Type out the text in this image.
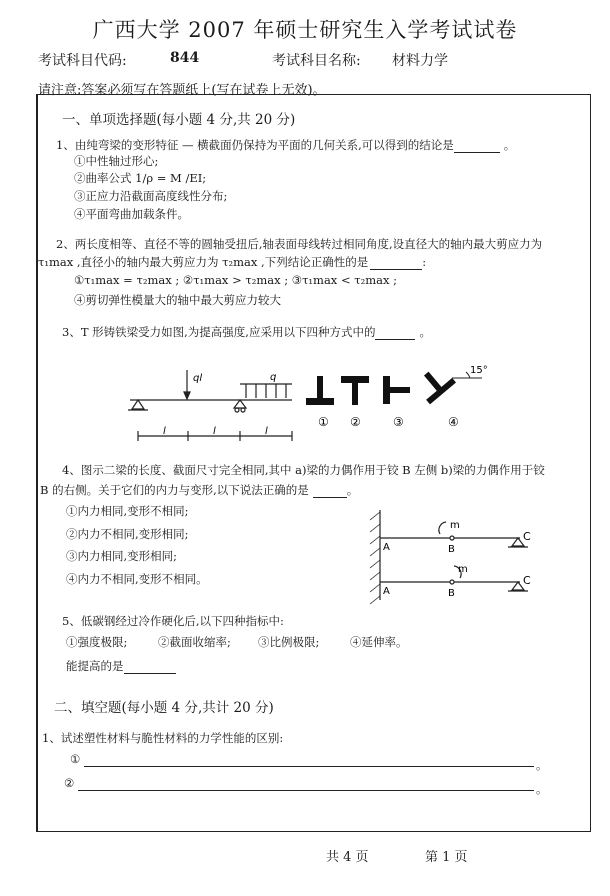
广西大学 2007 年硕士研究生入学考试试卷
考试科目代码:	844	考试科目名称: 材料力学
请注意:答案必须写在答题纸上(写在试卷上无效)。
一、单项选择题(每小题 4 分,共 20 分)
1、由纯弯梁的变形特征 — 横截面仍保持为平面的几何关系,可以得到的结论是	。
①中性轴过形心;
②曲率公式 1/ρ = M /EI;
③正应力沿截面高度线性分布;
④平面弯曲加载条件。
2、两长度相等、直径不等的圆轴受扭后,轴表面母线转过相同角度,设直径大的轴内最大剪应力为
τ₁max ,直径小的轴内最大剪应力为 τ₂max ,下列结论正确性的是	:
①τ₁max = τ₂max ; ②τ₁max > τ₂max ; ③τ₁max < τ₂max ;
④剪切弹性模量大的轴中最大剪应力较大
3、T 形铸铁梁受力如图,为提高强度,应采用以下四种方式中的	。
ql	q
l	l	l
15°
① ②	③	④
A	B
C
m
A	B
C
m
4、图示二梁的长度、截面尺寸完全相同,其中 a)梁的力偶作用于铰 B 左侧 b)梁的力偶作用于铰
B 的右侧。关于它们的内力与变形,以下说法正确的是	。
①内力相同,变形不相同;
②内力不相同,变形相同;
③内力相同,变形相同;
④内力不相同,变形不相同。
5、低碳钢经过冷作硬化后,以下四种指标中:
①强度极限;	②截面收缩率; ③比例极限;	④延伸率。
能提高的是
二、填空题(每小题 4 分,共计 20 分)
1、试述塑性材料与脆性材料的力学性能的区别:
①	。
②	。
共 4 页	第 1 页
